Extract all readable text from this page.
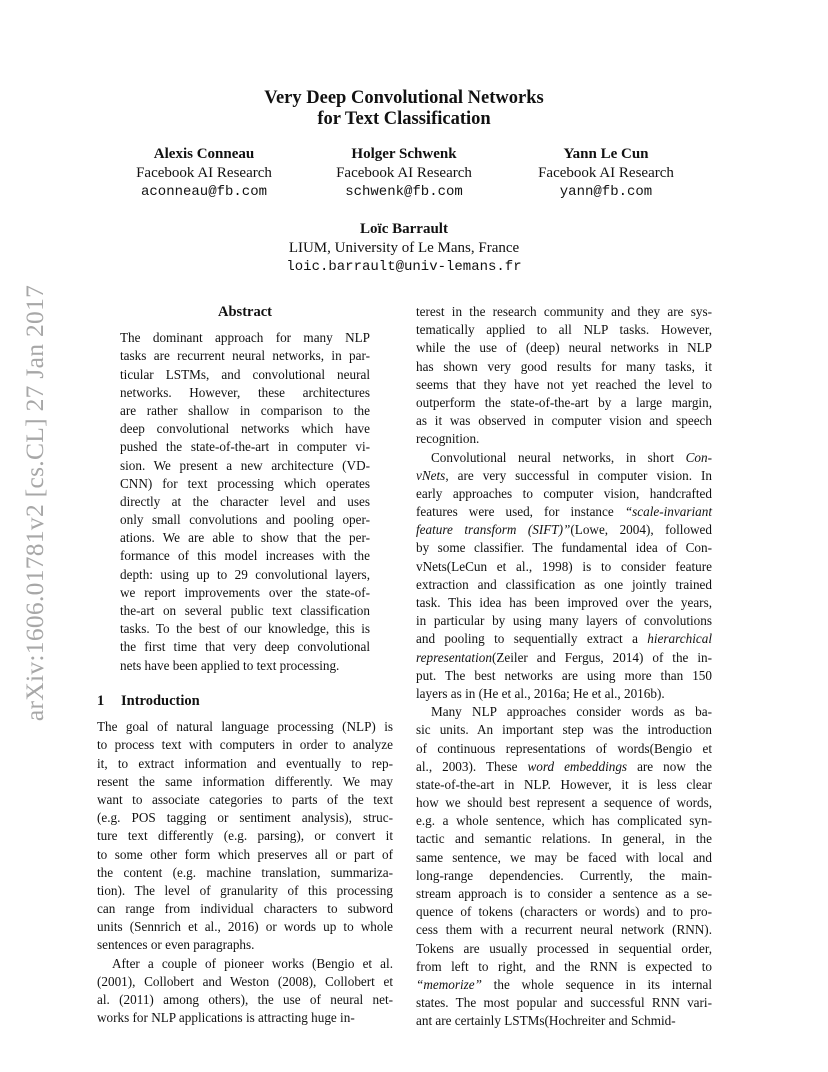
arXiv:1606.01781v2 [cs.CL] 27 Jan 2017
Very Deep Convolutional Networks
for Text Classification
Alexis Conneau
Facebook AI Research
aconneau@fb.com
Holger Schwenk
Facebook AI Research
schwenk@fb.com
Yann Le Cun
Facebook AI Research
yann@fb.com
Loïc Barrault
LIUM, University of Le Mans, France
loic.barrault@univ-lemans.fr
Abstract
The dominant approach for many NLP
tasks are recurrent neural networks, in par-
ticular LSTMs, and convolutional neural
networks. However, these architectures
are rather shallow in comparison to the
deep convolutional networks which have
pushed the state-of-the-art in computer vi-
sion. We present a new architecture (VD-
CNN) for text processing which operates
directly at the character level and uses
only small convolutions and pooling oper-
ations. We are able to show that the per-
formance of this model increases with the
depth: using up to 29 convolutional layers,
we report improvements over the state-of-
the-art on several public text classification
tasks. To the best of our knowledge, this is
the first time that very deep convolutional
nets have been applied to text processing.
1 Introduction
The goal of natural language processing (NLP) is
to process text with computers in order to analyze
it, to extract information and eventually to rep-
resent the same information differently. We may
want to associate categories to parts of the text
(e.g. POS tagging or sentiment analysis), struc-
ture text differently (e.g. parsing), or convert it
to some other form which preserves all or part of
the content (e.g. machine translation, summariza-
tion). The level of granularity of this processing
can range from individual characters to subword
units (Sennrich et al., 2016) or words up to whole
sentences or even paragraphs.
After a couple of pioneer works (Bengio et al.
(2001), Collobert and Weston (2008), Collobert et
al. (2011) among others), the use of neural net-
works for NLP applications is attracting huge in-
terest in the research community and they are sys-
tematically applied to all NLP tasks. However,
while the use of (deep) neural networks in NLP
has shown very good results for many tasks, it
seems that they have not yet reached the level to
outperform the state-of-the-art by a large margin,
as it was observed in computer vision and speech
recognition.
Convolutional neural networks, in short Con-
vNets, are very successful in computer vision. In
early approaches to computer vision, handcrafted
features were used, for instance “scale-invariant
feature transform (SIFT)”(Lowe, 2004), followed
by some classifier. The fundamental idea of Con-
vNets(LeCun et al., 1998) is to consider feature
extraction and classification as one jointly trained
task. This idea has been improved over the years,
in particular by using many layers of convolutions
and pooling to sequentially extract a hierarchical
representation(Zeiler and Fergus, 2014) of the in-
put. The best networks are using more than 150
layers as in (He et al., 2016a; He et al., 2016b).
Many NLP approaches consider words as ba-
sic units. An important step was the introduction
of continuous representations of words(Bengio et
al., 2003). These word embeddings are now the
state-of-the-art in NLP. However, it is less clear
how we should best represent a sequence of words,
e.g. a whole sentence, which has complicated syn-
tactic and semantic relations. In general, in the
same sentence, we may be faced with local and
long-range dependencies. Currently, the main-
stream approach is to consider a sentence as a se-
quence of tokens (characters or words) and to pro-
cess them with a recurrent neural network (RNN).
Tokens are usually processed in sequential order,
from left to right, and the RNN is expected to
“memorize” the whole sequence in its internal
states. The most popular and successful RNN vari-
ant are certainly LSTMs(Hochreiter and Schmid-
